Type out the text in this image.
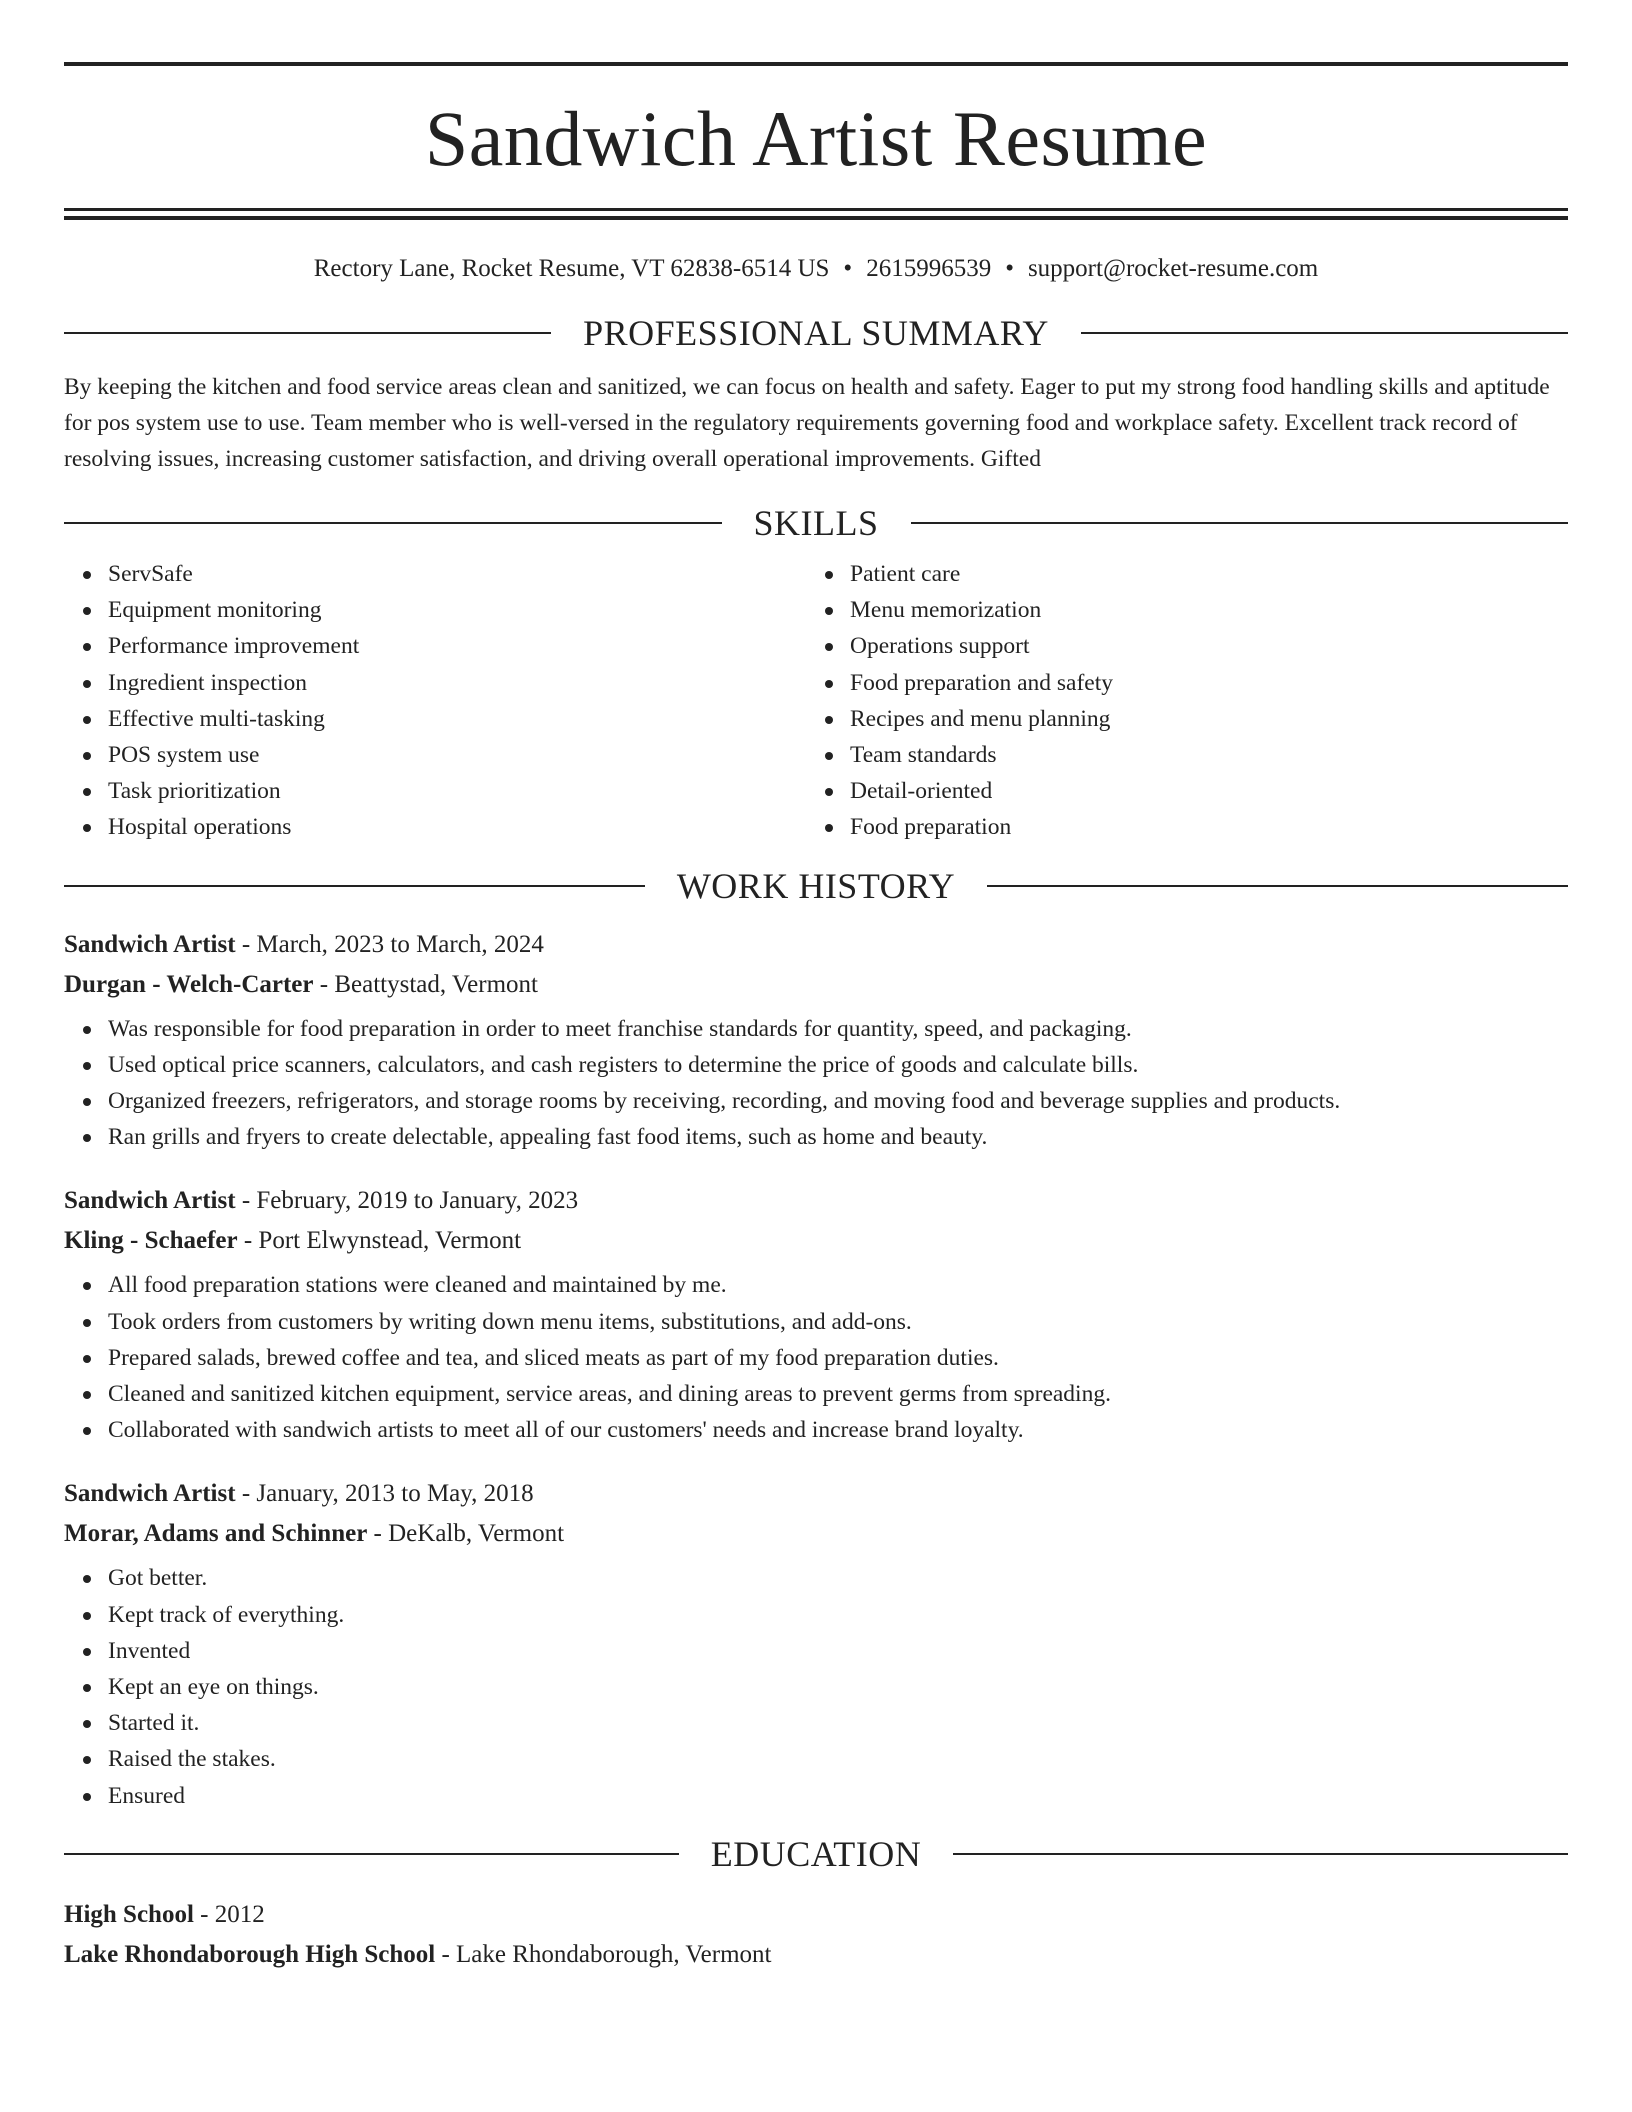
Sandwich Artist Resume
Rectory Lane, Rocket Resume, VT 62838-6514 US • 2615996539 • support@rocket-resume.com
PROFESSIONAL SUMMARY

By keeping the kitchen and food service areas clean and sanitized, we can focus on health and safety. Eager to put my strong food handling skills and aptitude for pos system use to use. Team member who is well-versed in the regulatory requirements governing food and workplace safety. Excellent track record of resolving issues, increasing customer satisfaction, and driving overall operational improvements. Gifted

SKILLS
ServSafe
Equipment monitoring
Performance improvement
Ingredient inspection
Effective multi-tasking
POS system use
Task prioritization
Hospital operations
Patient care
Menu memorization
Operations support
Food preparation and safety
Recipes and menu planning
Team standards
Detail-oriented
Food preparation
WORK HISTORY
Sandwich Artist - March, 2023 to March, 2024
Durgan - Welch-Carter - Beattystad, Vermont
Was responsible for food preparation in order to meet franchise standards for quantity, speed, and packaging.
Used optical price scanners, calculators, and cash registers to determine the price of goods and calculate bills.
Organized freezers, refrigerators, and storage rooms by receiving, recording, and moving food and beverage supplies and products.
Ran grills and fryers to create delectable, appealing fast food items, such as home and beauty.
Sandwich Artist - February, 2019 to January, 2023
Kling - Schaefer - Port Elwynstead, Vermont
All food preparation stations were cleaned and maintained by me.
Took orders from customers by writing down menu items, substitutions, and add-ons.
Prepared salads, brewed coffee and tea, and sliced meats as part of my food preparation duties.
Cleaned and sanitized kitchen equipment, service areas, and dining areas to prevent germs from spreading.
Collaborated with sandwich artists to meet all of our customers' needs and increase brand loyalty.
Sandwich Artist - January, 2013 to May, 2018
Morar, Adams and Schinner - DeKalb, Vermont
Got better.
Kept track of everything.
Invented
Kept an eye on things.
Started it.
Raised the stakes.
Ensured
EDUCATION
High School - 2012
Lake Rhondaborough High School - Lake Rhondaborough, Vermont
